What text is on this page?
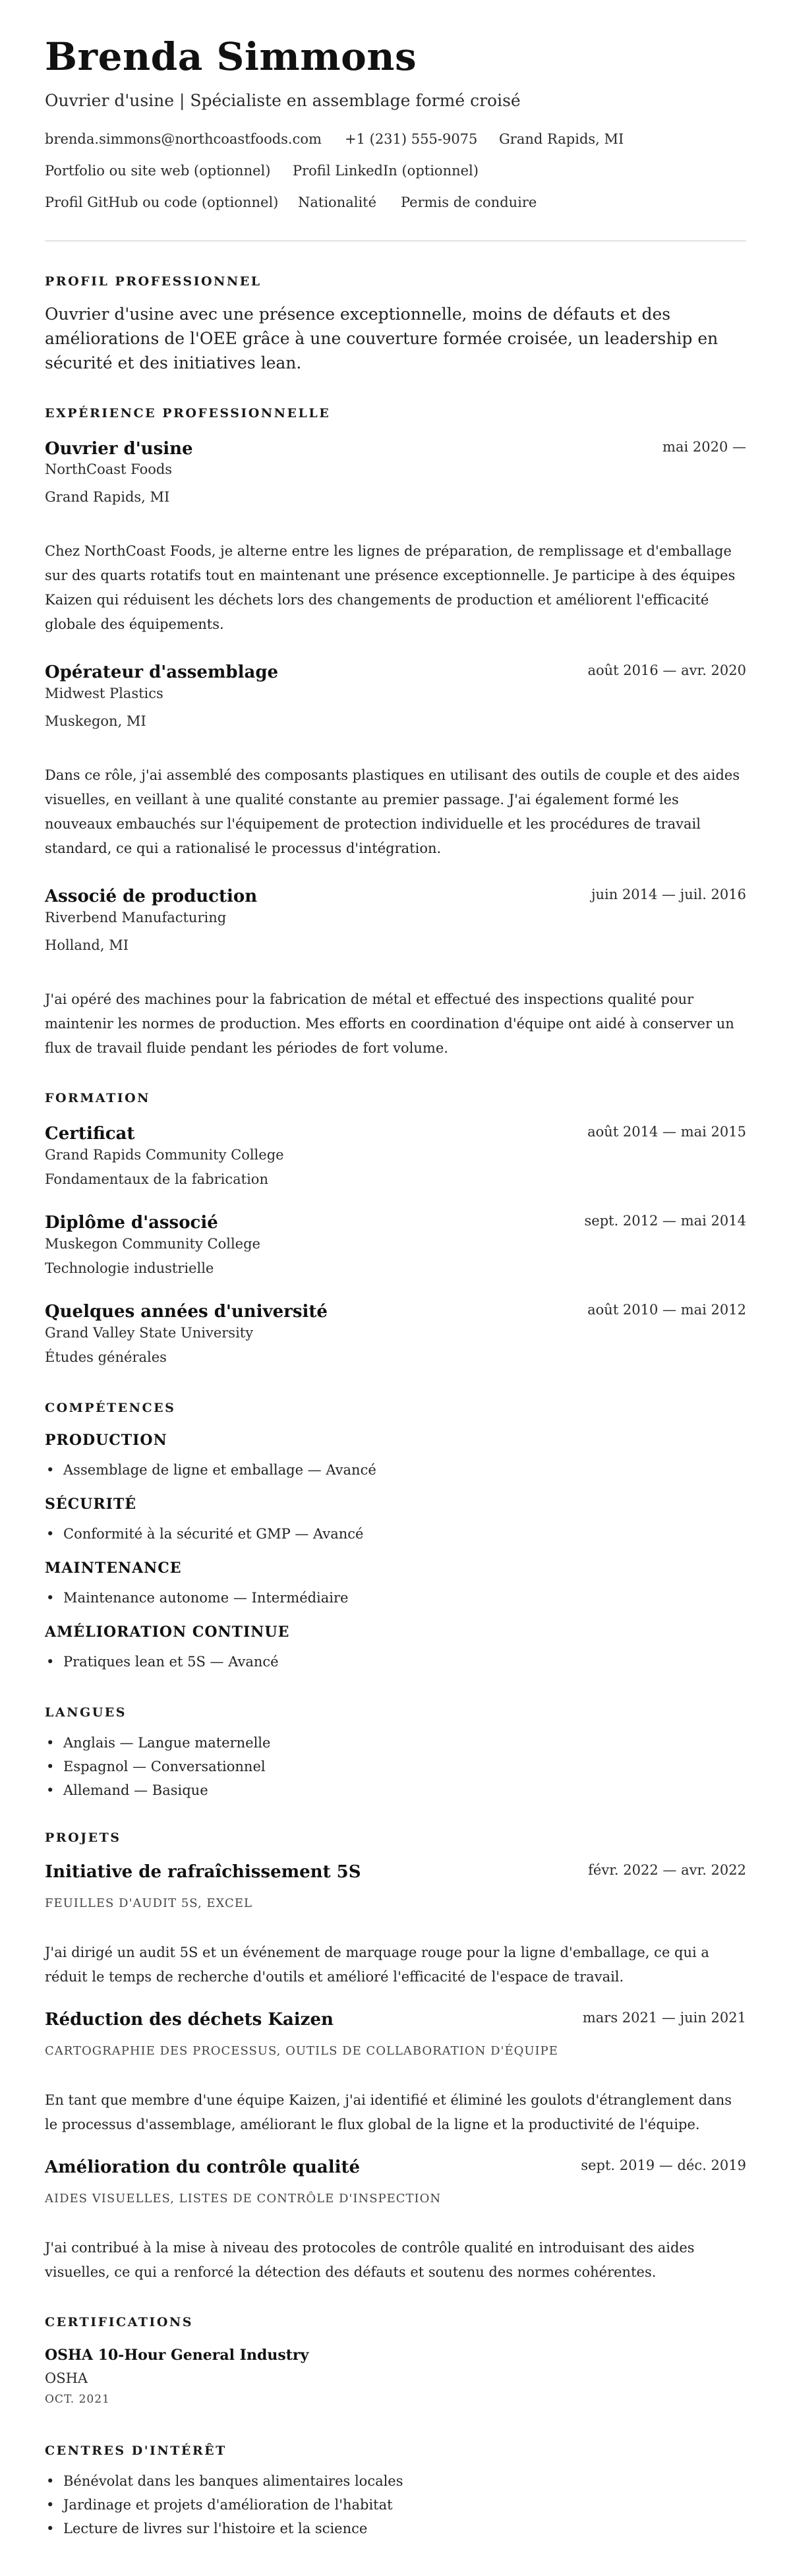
Brenda Simmons
Ouvrier d'usine | Spécialiste en assemblage formé croisé
brenda.simmons@northcoastfoods.com +1 (231) 555-9075 Grand Rapids, MI
Portfolio ou site web (optionnel) Profil LinkedIn (optionnel)
Profil GitHub ou code (optionnel) Nationalité Permis de conduire
PROFIL PROFESSIONNEL
Ouvrier d'usine avec une présence exceptionnelle, moins de défauts et des améliorations de l'OEE grâce à une couverture formée croisée, un leadership en sécurité et des initiatives lean.
EXPÉRIENCE PROFESSIONNELLE
Ouvrier d'usine	mai 2020 —
NorthCoast Foods
Grand Rapids, MI
Chez NorthCoast Foods, je alterne entre les lignes de préparation, de remplissage et d'emballage sur des quarts rotatifs tout en maintenant une présence exceptionnelle. Je participe à des équipes Kaizen qui réduisent les déchets lors des changements de production et améliorent l'efficacité globale des équipements.
Opérateur d'assemblage	août 2016 — avr. 2020
Midwest Plastics
Muskegon, MI
Dans ce rôle, j'ai assemblé des composants plastiques en utilisant des outils de couple et des aides visuelles, en veillant à une qualité constante au premier passage. J'ai également formé les nouveaux embauchés sur l'équipement de protection individuelle et les procédures de travail standard, ce qui a rationalisé le processus d'intégration.
Associé de production	juin 2014 — juil. 2016
Riverbend Manufacturing
Holland, MI
J'ai opéré des machines pour la fabrication de métal et effectué des inspections qualité pour maintenir les normes de production. Mes efforts en coordination d'équipe ont aidé à conserver un flux de travail fluide pendant les périodes de fort volume.
FORMATION
Certificat	août 2014 — mai 2015
Grand Rapids Community College
Fondamentaux de la fabrication
Diplôme d'associé	sept. 2012 — mai 2014
Muskegon Community College
Technologie industrielle
Quelques années d'université	août 2010 — mai 2012
Grand Valley State University
Études générales
COMPÉTENCES
PRODUCTION
• Assemblage de ligne et emballage — Avancé
SÉCURITÉ
• Conformité à la sécurité et GMP — Avancé
MAINTENANCE
• Maintenance autonome — Intermédiaire
AMÉLIORATION CONTINUE
• Pratiques lean et 5S — Avancé
LANGUES
• Anglais — Langue maternelle
• Espagnol — Conversationnel
• Allemand — Basique
PROJETS
Initiative de rafraîchissement 5S	févr. 2022 — avr. 2022
FEUILLES D'AUDIT 5S, EXCEL
J'ai dirigé un audit 5S et un événement de marquage rouge pour la ligne d'emballage, ce qui a réduit le temps de recherche d'outils et amélioré l'efficacité de l'espace de travail.
Réduction des déchets Kaizen	mars 2021 — juin 2021
CARTOGRAPHIE DES PROCESSUS, OUTILS DE COLLABORATION D'ÉQUIPE
En tant que membre d'une équipe Kaizen, j'ai identifié et éliminé les goulots d'étranglement dans le processus d'assemblage, améliorant le flux global de la ligne et la productivité de l'équipe.
Amélioration du contrôle qualité	sept. 2019 — déc. 2019
AIDES VISUELLES, LISTES DE CONTRÔLE D'INSPECTION
J'ai contribué à la mise à niveau des protocoles de contrôle qualité en introduisant des aides visuelles, ce qui a renforcé la détection des défauts et soutenu des normes cohérentes.
CERTIFICATIONS
OSHA 10-Hour General Industry
OSHA
OCT. 2021
CENTRES D'INTÉRÊT
• Bénévolat dans les banques alimentaires locales
• Jardinage et projets d'amélioration de l'habitat
• Lecture de livres sur l'histoire et la science
